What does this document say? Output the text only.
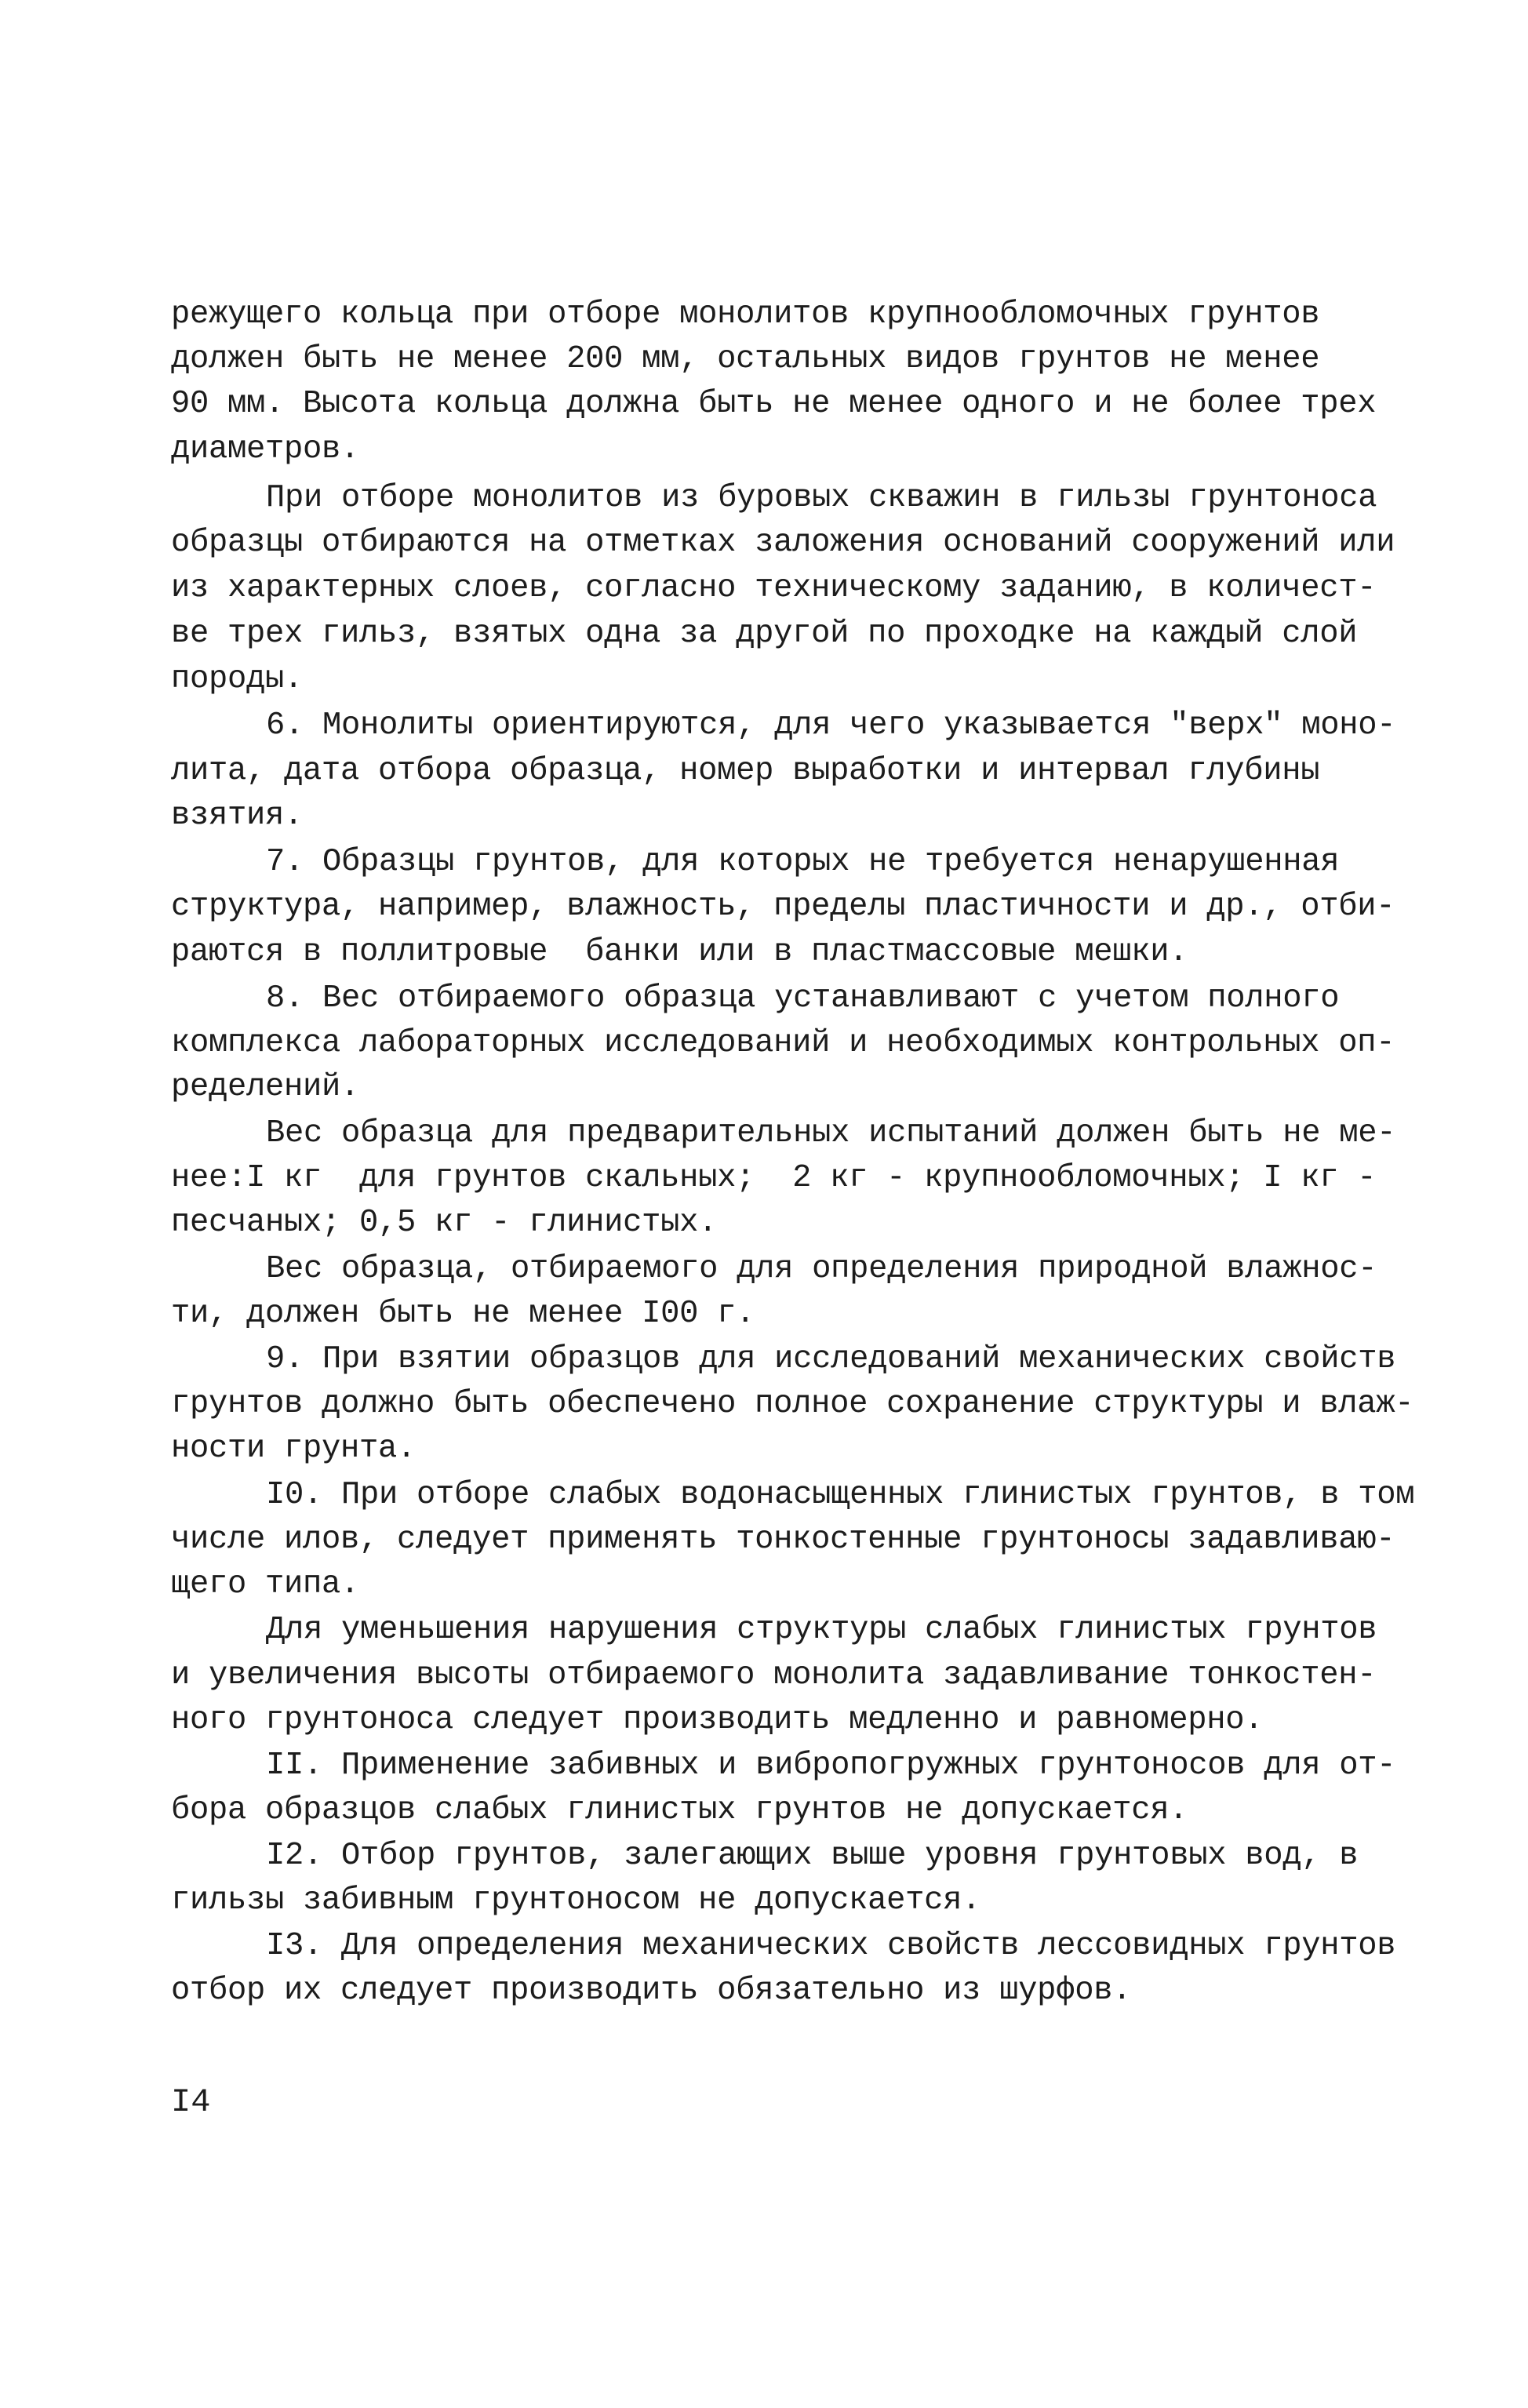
режущего кольца при отборе монолитов крупнообломочных грунтов
должен быть не менее 200 мм, остальных видов грунтов не менее
90 мм. Высота кольца должна быть не менее одного и не более трех
диаметров.
При отборе монолитов из буровых скважин в гильзы грунтоноса
образцы отбираются на отметках заложения оснований сооружений или
из характерных слоев, согласно техническому заданию, в количест-
ве трех гильз, взятых одна за другой по проходке на каждый слой
породы.
6. Монолиты ориентируются, для чего указывается "верх" моно-
лита, дата отбора образца, номер выработки и интервал глубины
взятия.
7. Образцы грунтов, для которых не требуется ненарушенная
структура, например, влажность, пределы пластичности и др., отби-
раются в поллитровые  банки или в пластмассовые мешки.
8. Вес отбираемого образца устанавливают с учетом полного
комплекса лабораторных исследований и необходимых контрольных оп-
ределений.
Вес образца для предварительных испытаний должен быть не ме-
нее:I кг  для грунтов скальных;  2 кг - крупнообломочных; I кг -
песчаных; 0,5 кг - глинистых.
Вес образца, отбираемого для определения природной влажнос-
ти, должен быть не менее I00 г.
9. При взятии образцов для исследований механических свойств
грунтов должно быть обеспечено полное сохранение структуры и влаж-
ности грунта.
I0. При отборе слабых водонасыщенных глинистых грунтов, в том
числе илов, следует применять тонкостенные грунтоносы задавливаю-
щего типа.
Для уменьшения нарушения структуры слабых глинистых грунтов
и увеличения высоты отбираемого монолита задавливание тонкостен-
ного грунтоноса следует производить медленно и равномерно.
II. Применение забивных и вибропогружных грунтоносов для от-
бора образцов слабых глинистых грунтов не допускается.
I2. Отбор грунтов, залегающих выше уровня грунтовых вод, в
гильзы забивным грунтоносом не допускается.
I3. Для определения механических свойств лессовидных грунтов
отбор их следует производить обязательно из шурфов.
I4
